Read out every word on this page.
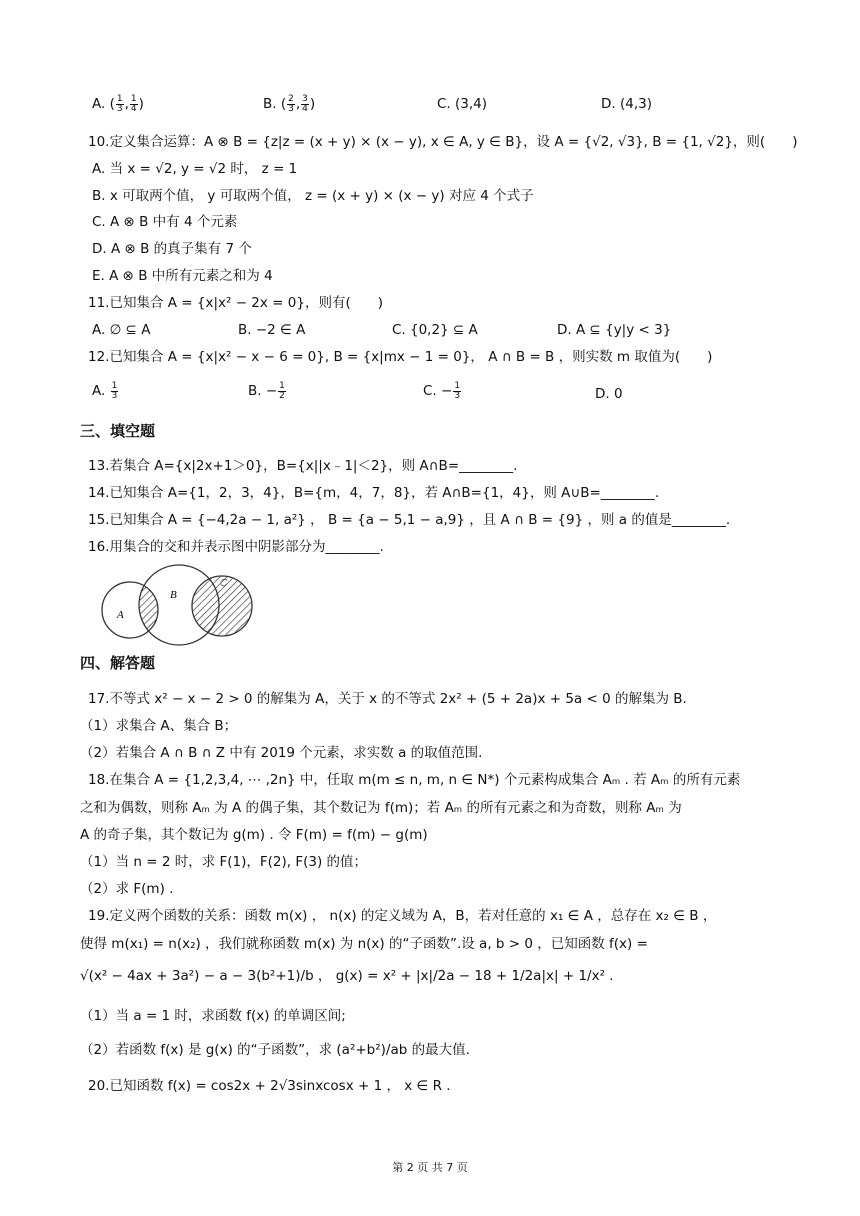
A. ( $\frac{1}{3}$ , $\frac{1}{4}$ )	B. ( $\frac{2}{3}$ , $\frac{3}{4}$ )	C. (3,4)	D. (4,3)
10.定义集合运算：A ⊗ B = {z|z = (x + y) × (x − y), x ∈ A, y ∈ B}，设 A = {√2, √3}, B = {1, √2}，则(　　)
A. 当 x = √2, y = √2 时， z = 1
B. x 可取两个值， y 可取两个值， z = (x + y) × (x − y) 对应 4 个式子
C. A ⊗ B 中有 4 个元素
D. A ⊗ B 的真子集有 7 个
E. A ⊗ B 中所有元素之和为 4
11.已知集合 A = {x|x² − 2x = 0}，则有(　　)
A. ∅ ⊆ A	B. −2 ∈ A	C. {0,2} ⊆ A	D. A ⊆ {y|y < 3}
12.已知集合 A = {x|x² − x − 6 = 0}, B = {x|mx − 1 = 0}， A ∩ B = B ，则实数 m 取值为(　　)
A. $\frac{1}{3}$	B. − $\frac{1}{2}$	C. − $\frac{1}{3}$	D. 0
三、填空题
13.若集合 A={x|2x+1＞0}，B={x||x﹣1|＜2}，则 A∩B=________.
14.已知集合 A={1，2，3，4}，B={m，4，7，8}，若 A∩B={1，4}，则 A∪B=________.
15.已知集合 A = {−4,2a − 1, a²} ， B = {a − 5,1 − a,9} ，且 A ∩ B = {9} ，则 a 的值是________.
16.用集合的交和并表示图中阴影部分为________.
A
B
C
四、解答题
17.不等式 x² − x − 2 > 0 的解集为 A，关于 x 的不等式 2x² + (5 + 2a)x + 5a < 0 的解集为 B.
（1）求集合 A、集合 B；
（2）若集合 A ∩ B ∩ Z 中有 2019 个元素，求实数 a 的取值范围.
18.在集合 A = {1,2,3,4, ⋯ ,2n} 中，任取 m(m ≤ n, m, n ∈ N*) 个元素构成集合 Aₘ . 若 Aₘ 的所有元素
之和为偶数，则称 Aₘ 为 A 的偶子集，其个数记为 f(m)；若 Aₘ 的所有元素之和为奇数，则称 Aₘ 为
A 的奇子集，其个数记为 g(m) . 令 F(m) = f(m) − g(m)
（1）当 n = 2 时，求 F(1)，F(2), F(3) 的值；
（2）求 F(m) .
19.定义两个函数的关系：函数 m(x) ， n(x) 的定义域为 A，B，若对任意的 x₁ ∈ A ，总存在 x₂ ∈ B ，
使得 m(x₁) = n(x₂) ，我们就称函数 m(x) 为 n(x) 的“子函数”.设 a, b > 0 ，已知函数 f(x) =
√(x² − 4ax + 3a²) − a − 3(b²+1)/b ， g(x) = x² + |x|/2a − 18 + 1/2a|x| + 1/x² .
（1）当 a = 1 时，求函数 f(x) 的单调区间;
（2）若函数 f(x) 是 g(x) 的“子函数”，求 (a²+b²)/ab 的最大值.
20.已知函数 f(x) = cos2x + 2√3sinxcosx + 1 ， x ∈ R .
第 2 页 共 7 页
